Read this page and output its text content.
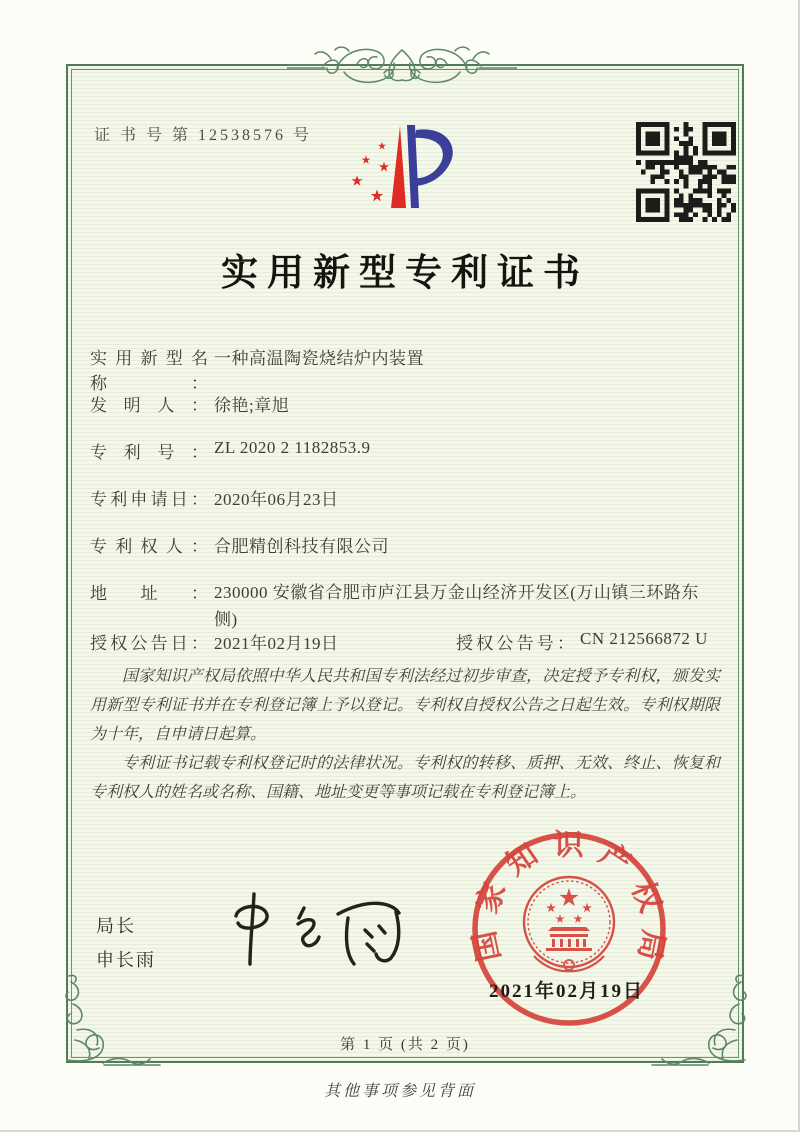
证 书 号 第 12538576 号
实用新型专利证书
实用新型名称：
一种高温陶瓷烧结炉内装置
发明人： 徐艳;章旭
专利号： ZL 2020 2 1182853.9
专利申请日： 2020年06月23日
专利权人： 合肥精创科技有限公司
地址： 230000 安徽省合肥市庐江县万金山经济开发区(万山镇三环路东侧)
授权公告日： 2021年02月19日	授权公告号： CN 212566872 U

国家知识产权局依照中华人民共和国专利法经过初步审查，决定授予专利权，颁发实用新型专利证书并在专利登记簿上予以登记。专利权自授权公告之日起生效。专利权期限为十年，自申请日起算。

专利证书记载专利权登记时的法律状况。专利权的转移、质押、无效、终止、恢复和专利权人的姓名或名称、国籍、地址变更等事项记载在专利登记簿上。

局长
申长雨	国家知识产权局
2021年02月19日
第 1 页 (共 2 页)
其他事项参见背面
